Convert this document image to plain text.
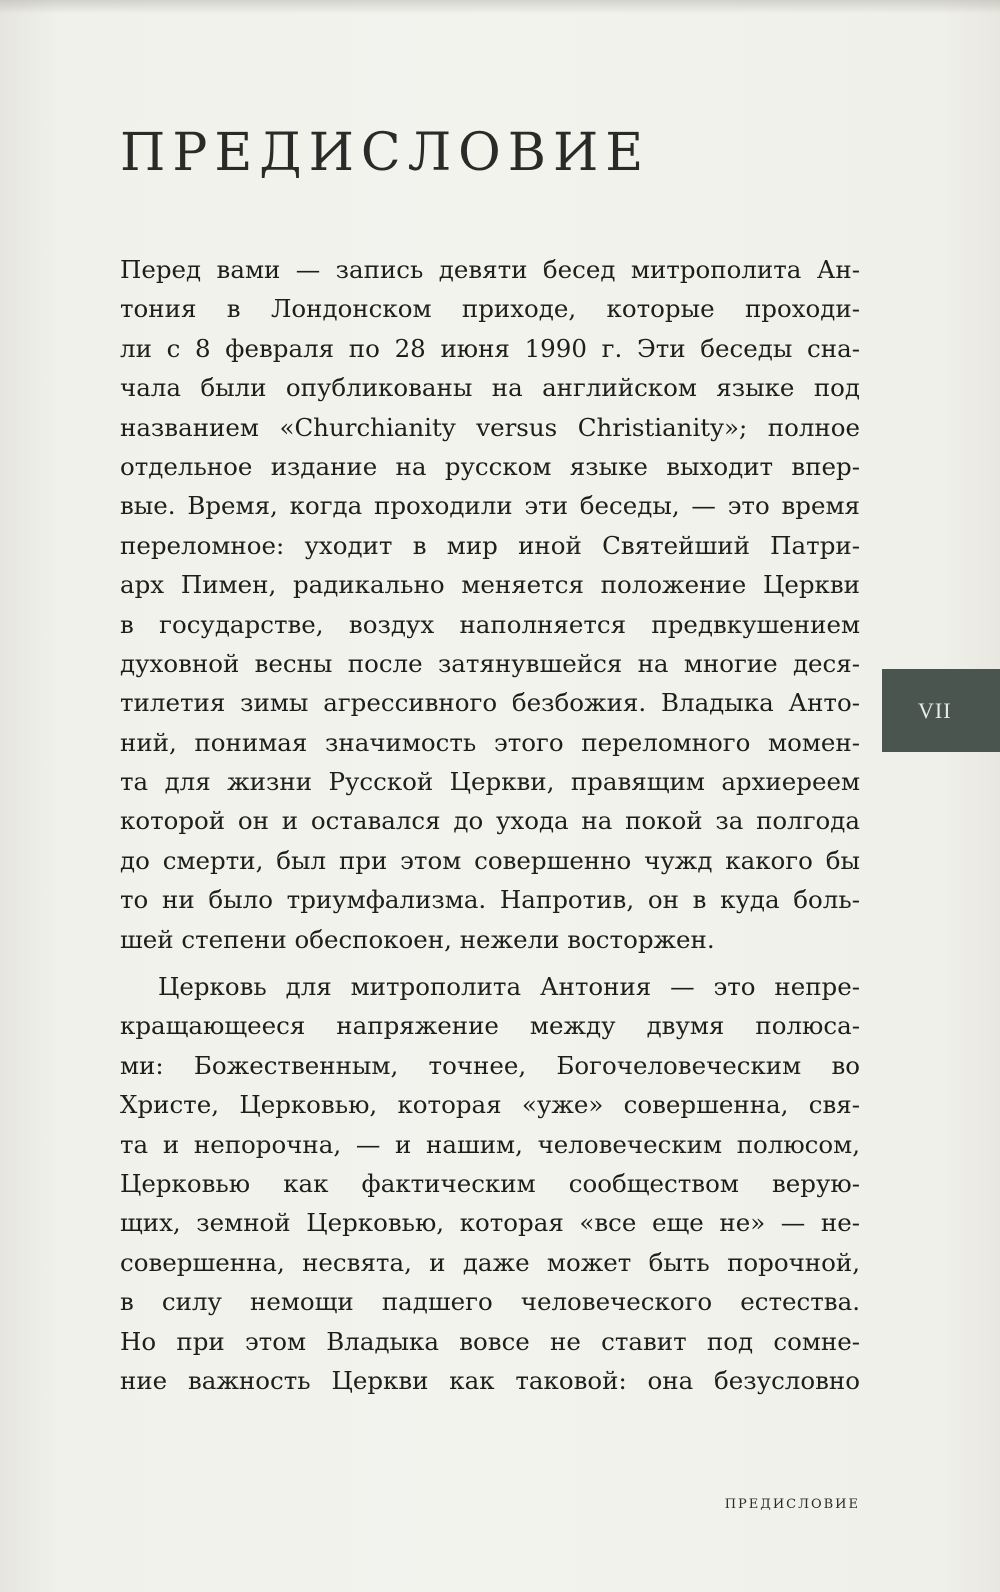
ПРЕДИСЛОВИЕ
Перед вами — запись девяти бесед митрополита Ан-
тония в Лондонском приходе, которые проходи-
ли с 8 февраля по 28 июня 1990 г. Эти беседы сна-
чала были опубликованы на английском языке под
названием «Churchianity versus Christianity»; полное
отдельное издание на русском языке выходит впер-
вые. Время, когда проходили эти беседы, — это время
переломное: уходит в мир иной Святейший Патри-
арх Пимен, радикально меняется положение Церкви
в государстве, воздух наполняется предвкушением
духовной весны после затянувшейся на многие деся-
тилетия зимы агрессивного безбожия. Владыка Анто-
ний, понимая значимость этого переломного момен-
та для жизни Русской Церкви, правящим архиереем
которой он и оставался до ухода на покой за полгода
до смерти, был при этом совершенно чужд какого бы
то ни было триумфализма. Напротив, он в куда боль-
шей степени обеспокоен, нежели восторжен.
Церковь для митрополита Антония — это непре-
кращающееся напряжение между двумя полюса-
ми: Божественным, точнее, Богочеловеческим во
Христе, Церковью, которая «уже» совершенна, свя-
та и непорочна, — и нашим, человеческим полюсом,
Церковью как фактическим сообществом верую-
щих, земной Церковью, которая «все еще не» — не-
совершенна, несвята, и даже может быть порочной,
в силу немощи падшего человеческого естества.
Но при этом Владыка вовсе не ставит под сомне-
ние важность Церкви как таковой: она безусловно
VII
ПРЕДИСЛОВИЕ
